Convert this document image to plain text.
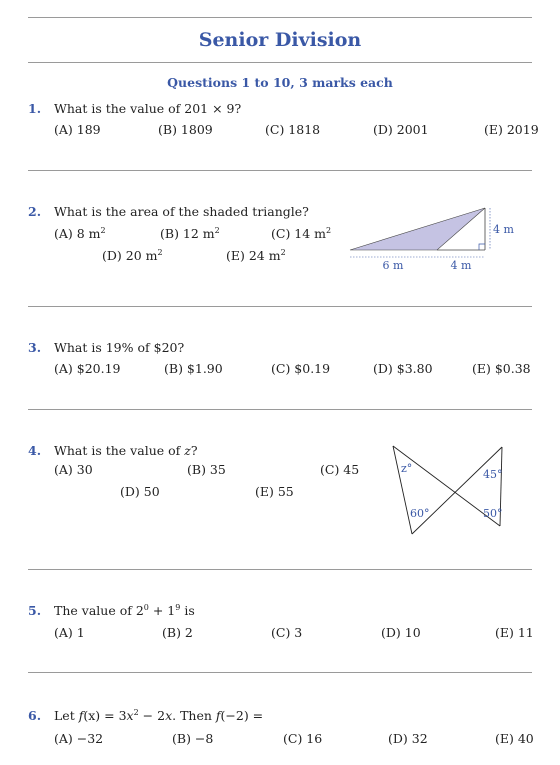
Senior Division
Questions 1 to 10, 3 marks each
1. What is the value of 201 × 9?
(A) 189	(B) 1809	(C) 1818	(D) 2001	(E) 2019
2. What is the area of the shaded triangle?
(A) 8 $m^2$	(B) 12 $m^2$	(C) 14 $m^2$
(D) 20 $m^2$	(E) 24 $m^2$
6 m	4 m
4 m
3. What is 19% of $20?
(A) $20.19	(B) $1.90	(C) $0.19	(D) $3.80	(E) $0.38
4. What is the value of z?
(A) 30	(B) 35	(C) 45
(D) 50	(E) 55
z°	45°
60°	50°
5. The value of $2^0 + 1^9$ is
(A) 1	(B) 2	(C) 3	(D) 10	(E) 11
6. Let $f(x) = 3x^2 - 2x$. Then f(−2) =
(A) −32	(B) −8	(C) 16	(D) 32	(E) 40
